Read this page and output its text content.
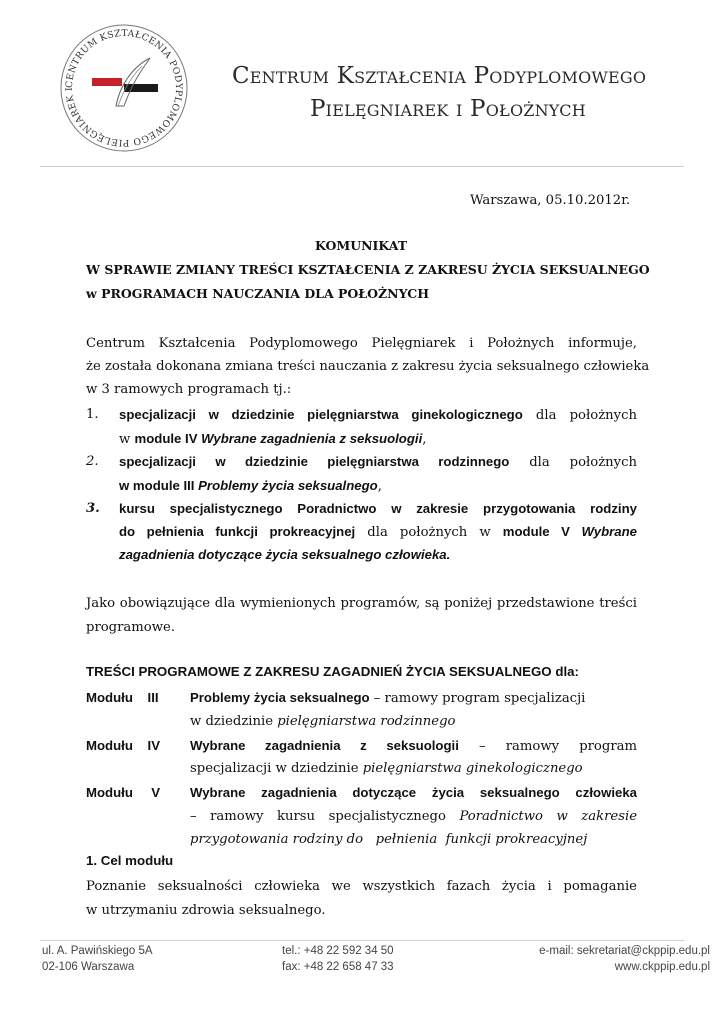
CENTRUM KSZTAŁCENIA PODYPLOMOWEGO PIELĘGNIAREK I
Centrum Kształcenia Podyplomowego
Pielęgniarek i Położnych
Warszawa, 05.10.2012r.
KOMUNIKAT
W SPRAWIE ZMIANY TREŚCI KSZTAŁCENIA Z ZAKRESU ŻYCIA SEKSUALNEGO
w PROGRAMACH NAUCZANIA DLA POŁOŻNYCH
Centrum Kształcenia Podyplomowego Pielęgniarek i Położnych informuje,
że została dokonana zmiana treści nauczania z zakresu życia seksualnego człowieka
w 3 ramowych programach tj.:
1. specjalizacji w dziedzinie pielęgniarstwa ginekologicznego dla położnych
w module IV Wybrane zagadnienia z seksuologii,
2. specjalizacji w dziedzinie pielęgniarstwa rodzinnego dla położnych
w module III Problemy życia seksualnego,
3. kursu specjalistycznego Poradnictwo w zakresie przygotowania rodziny
do pełnienia funkcji prokreacyjnej dla położnych w module V Wybrane
zagadnienia dotyczące życia seksualnego człowieka.
Jako obowiązujące dla wymienionych programów, są poniżej przedstawione treści
programowe.
TREŚCI PROGRAMOWE Z ZAKRESU ZAGADNIEŃ ŻYCIA SEKSUALNEGO dla:
Modułu    III Problemy życia seksualnego – ramowy program specjalizacji
w dziedzinie pielęgniarstwa rodzinnego
Modułu    IV Wybrane zagadnienia z seksuologii – ramowy program
specjalizacji w dziedzinie pielęgniarstwa ginekologicznego
Modułu     V Wybrane zagadnienia dotyczące życia seksualnego człowieka
– ramowy kursu specjalistycznego Poradnictwo w zakresie
przygotowania rodziny do   pełnienia  funkcji prokreacyjnej
1. Cel modułu
Poznanie seksualności człowieka we wszystkich fazach życia i pomaganie
w utrzymaniu zdrowia seksualnego.
ul. A. Pawińskiego 5A
02-106 Warszawa
tel.: +48 22 592 34 50
fax: +48 22 658 47 33
e-mail: sekretariat@ckppip.edu.pl
www.ckppip.edu.pl
